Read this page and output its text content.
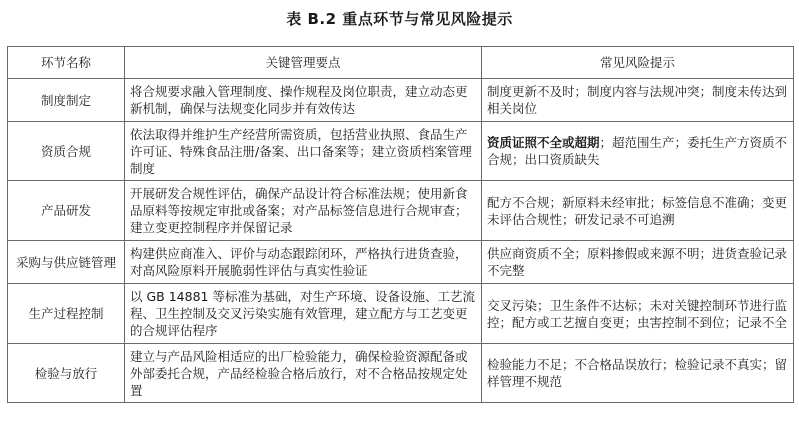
表 B.2 重点环节与常见风险提示
环节名称	关键管理要点	常见风险提示
制度制定	将合规要求融入管理制度、操作规程及岗位职责，建立动态更新机制，确保与法规变化同步并有效传达	制度更新不及时；制度内容与法规冲突；制度未传达到相关岗位
资质合规	依法取得并维护生产经营所需资质，包括营业执照、食品生产许可证、特殊食品注册/备案、出口备案等；建立资质档案管理制度	资质证照不全或超期；超范围生产；委托生产方资质不合规；出口资质缺失
产品研发	开展研发合规性评估，确保产品设计符合标准法规；使用新食品原料等按规定审批或备案；对产品标签信息进行合规审查；建立变更控制程序并保留记录	配方不合规；新原料未经审批；标签信息不准确；变更未评估合规性；研发记录不可追溯
采购与供应链管理	构建供应商准入、评价与动态跟踪闭环，严格执行进货查验，对高风险原料开展脆弱性评估与真实性验证	供应商资质不全；原料掺假或来源不明；进货查验记录不完整
生产过程控制	以 GB 14881 等标准为基础，对生产环境、设备设施、工艺流程、卫生控制及交叉污染实施有效管理，建立配方与工艺变更的合规评估程序	交叉污染；卫生条件不达标；未对关键控制环节进行监控；配方或工艺擅自变更；虫害控制不到位；记录不全
检验与放行	建立与产品风险相适应的出厂检验能力，确保检验资源配备或外部委托合规，产品经检验合格后放行，对不合格品按规定处置	检验能力不足；不合格品误放行；检验记录不真实；留样管理不规范
